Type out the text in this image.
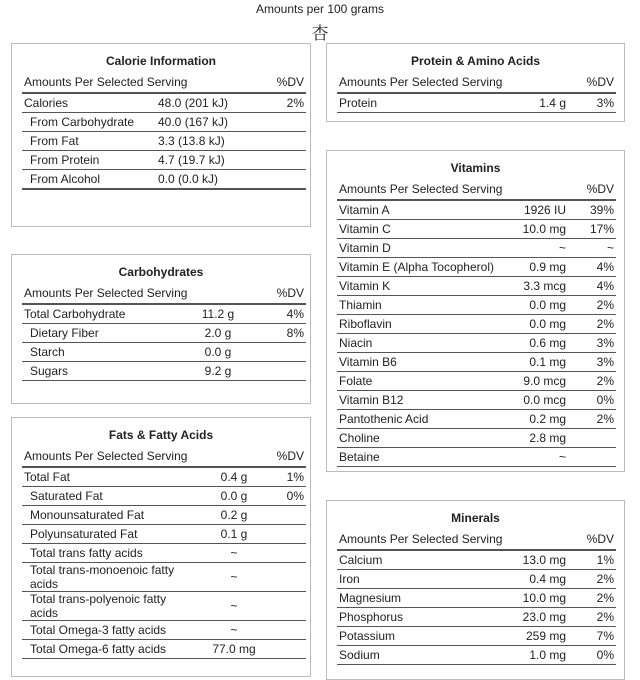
Amounts per 100 grams
杏
Calorie Information
Amounts Per Selected Serving		%DV
Calories	48.0 (201 kJ)	2%
From Carbohydrate	40.0 (167 kJ)	
From Fat	3.3 (13.8 kJ)	
From Protein	4.7 (19.7 kJ)	
From Alcohol	0.0 (0.0 kJ)	
Carbohydrates
Amounts Per Selected Serving		%DV
Total Carbohydrate	11.2 g	4%
Dietary Fiber	2.0 g	8%
Starch	0.0 g	
Sugars	9.2 g	
Fats & Fatty Acids
Amounts Per Selected Serving		%DV
Total Fat	0.4 g	1%
Saturated Fat	0.0 g	0%
Monounsaturated Fat	0.2 g	
Polyunsaturated Fat	0.1 g	
Total trans fatty acids	~	
Total trans-monoenoic fatty acids	~	
Total trans-polyenoic fatty acids	~	
Total Omega-3 fatty acids	~	
Total Omega-6 fatty acids	77.0 mg	
Protein & Amino Acids
Amounts Per Selected Serving		%DV
Protein	1.4 g	3%
Vitamins
Amounts Per Selected Serving		%DV
Vitamin A	1926 IU	39%
Vitamin C	10.0 mg	17%
Vitamin D	~	~
Vitamin E (Alpha Tocopherol)	0.9 mg	4%
Vitamin K	3.3 mcg	4%
Thiamin	0.0 mg	2%
Riboflavin	0.0 mg	2%
Niacin	0.6 mg	3%
Vitamin B6	0.1 mg	3%
Folate	9.0 mcg	2%
Vitamin B12	0.0 mcg	0%
Pantothenic Acid	0.2 mg	2%
Choline	2.8 mg	
Betaine	~	
Minerals
Amounts Per Selected Serving		%DV
Calcium	13.0 mg	1%
Iron	0.4 mg	2%
Magnesium	10.0 mg	2%
Phosphorus	23.0 mg	2%
Potassium	259 mg	7%
Sodium	1.0 mg	0%
